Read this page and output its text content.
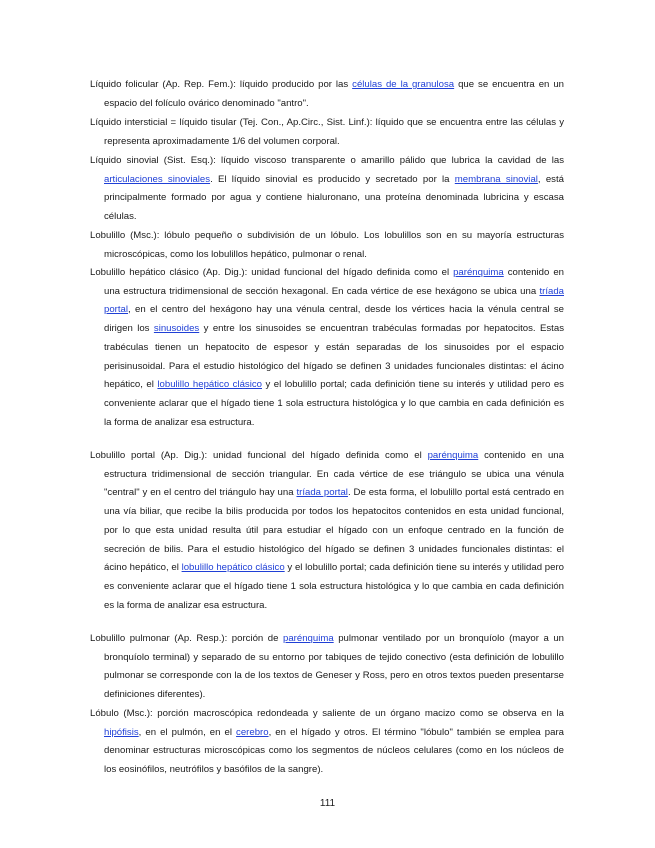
Líquido folicular (Ap. Rep. Fem.): líquido producido por las células de la granulosa que se encuentra en un espacio del folículo ovárico denominado "antro".

Líquido intersticial = líquido tisular (Tej. Con., Ap.Circ., Sist. Linf.): líquido que se encuentra entre las células y representa aproximadamente 1/6 del volumen corporal.

Líquido sinovial (Sist. Esq.): líquido viscoso transparente o amarillo pálido que lubrica la cavidad de las articulaciones sinoviales. El líquido sinovial es producido y secretado por la membrana sinovial, está principalmente formado por agua y contiene hialuronano, una proteína denominada lubricina y escasa células.

Lobulillo (Msc.): lóbulo pequeño o subdivisión de un lóbulo. Los lobulillos son en su mayoría estructuras microscópicas, como los lobulillos hepático, pulmonar o renal.

Lobulillo hepático clásico (Ap. Dig.): unidad funcional del hígado definida como el parénquima contenido en una estructura tridimensional de sección hexagonal. En cada vértice de ese hexágono se ubica una tríada portal, en el centro del hexágono hay una vénula central, desde los vértices hacia la vénula central se dirigen los sinusoides y entre los sinusoides se encuentran trabéculas formadas por hepatocitos. Estas trabéculas tienen un hepatocito de espesor y están separadas de los sinusoides por el espacio perisinusoidal. Para el estudio histológico del hígado se definen 3 unidades funcionales distintas: el ácino hepático, el lobulillo hepático clásico y el lobulillo portal; cada definición tiene su interés y utilidad pero es conveniente aclarar que el hígado tiene 1 sola estructura histológica y lo que cambia en cada definición es la forma de analizar esa estructura.

Lobulillo portal (Ap. Dig.): unidad funcional del hígado definida como el parénquima contenido en una estructura tridimensional de sección triangular. En cada vértice de ese triángulo se ubica una vénula "central" y en el centro del triángulo hay una tríada portal. De esta forma, el lobulillo portal está centrado en una vía biliar, que recibe la bilis producida por todos los hepatocitos contenidos en esta unidad funcional, por lo que esta unidad resulta útil para estudiar el hígado con un enfoque centrado en la función de secreción de bilis. Para el estudio histológico del hígado se definen 3 unidades funcionales distintas: el ácino hepático, el lobulillo hepático clásico y el lobulillo portal; cada definición tiene su interés y utilidad pero es conveniente aclarar que el hígado tiene 1 sola estructura histológica y lo que cambia en cada definición es la forma de analizar esa estructura.

Lobulillo pulmonar (Ap. Resp.): porción de parénquima pulmonar ventilado por un bronquíolo (mayor a un bronquíolo terminal) y separado de su entorno por tabiques de tejido conectivo (esta definición de lobulillo pulmonar se corresponde con la de los textos de Geneser y Ross, pero en otros textos pueden presentarse definiciones diferentes).

Lóbulo (Msc.): porción macroscópica redondeada y saliente de un órgano macizo como se observa en la hipófisis, en el pulmón, en el cerebro, en el hígado y otros. El término "lóbulo" también se emplea para denominar estructuras microscópicas como los segmentos de núcleos celulares (como en los núcleos de los eosinófilos, neutrófilos y basófilos de la sangre).

111
